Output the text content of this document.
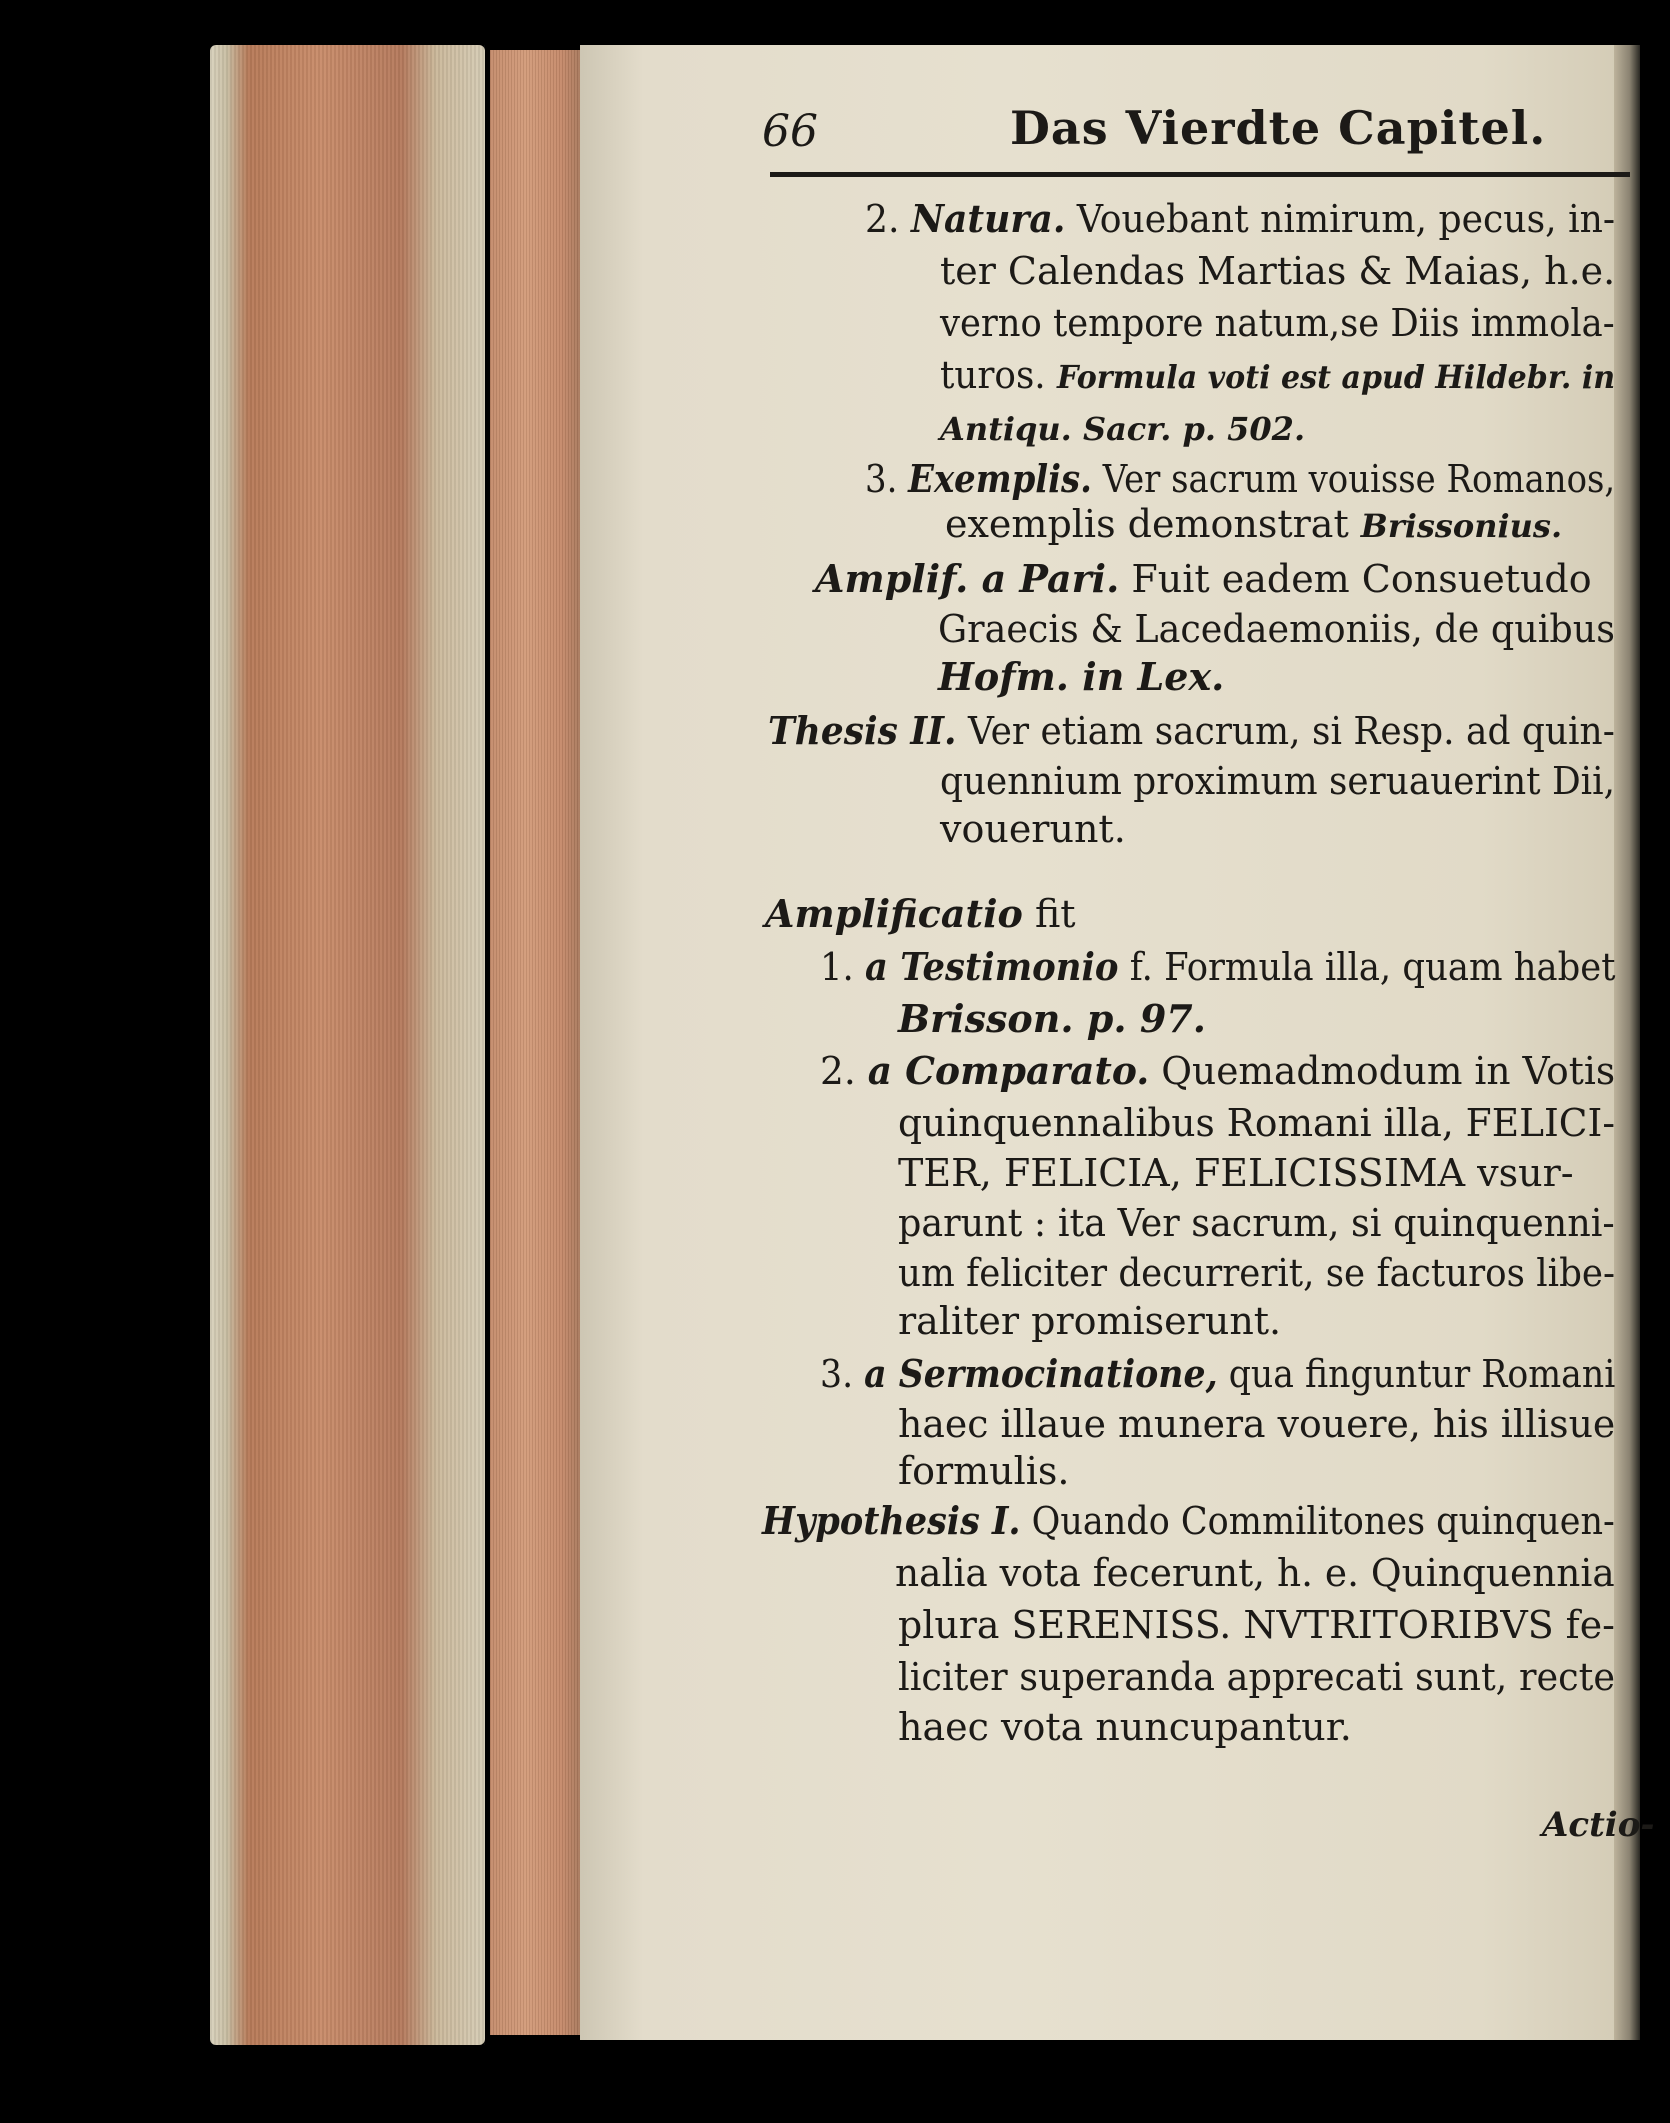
66	Das Vierdte Capitel.
2. Natura. Vouebant nimirum, pecus, in-
ter Calendas Martias & Maias, h.e.
verno tempore natum,se Diis immola-
turos. Formula voti est apud Hildebr. in
Antiqu. Sacr. p. 502.
3. Exemplis. Ver sacrum vouisse Romanos,
exemplis demonstrat Brissonius.
Amplif. a Pari. Fuit eadem Consuetudo
Graecis & Lacedaemoniis, de quibus
Hofm. in Lex.
Thesis II. Ver etiam sacrum, si Resp. ad quin-
quennium proximum seruauerint Dii,
vouerunt.
Amplificatio fit
1. a Testimonio f. Formula illa, quam habet
Brisson. p. 97.
2. a Comparato. Quemadmodum in Votis
quinquennalibus Romani illa, FELICI-
TER, FELICIA, FELICISSIMA vsur-
parunt : ita Ver sacrum, si quinquenni-
um feliciter decurrerit, se facturos libe-
raliter promiserunt.
3. a Sermocinatione, qua finguntur Romani
haec illaue munera vouere, his illisue
formulis.
Hypothesis I. Quando Commilitones quinquen-
nalia vota fecerunt, h. e. Quinquennia
plura SERENISS. NVTRITORIBVS fe-
liciter superanda apprecati sunt, recte
haec vota nuncupantur.
Actio-
